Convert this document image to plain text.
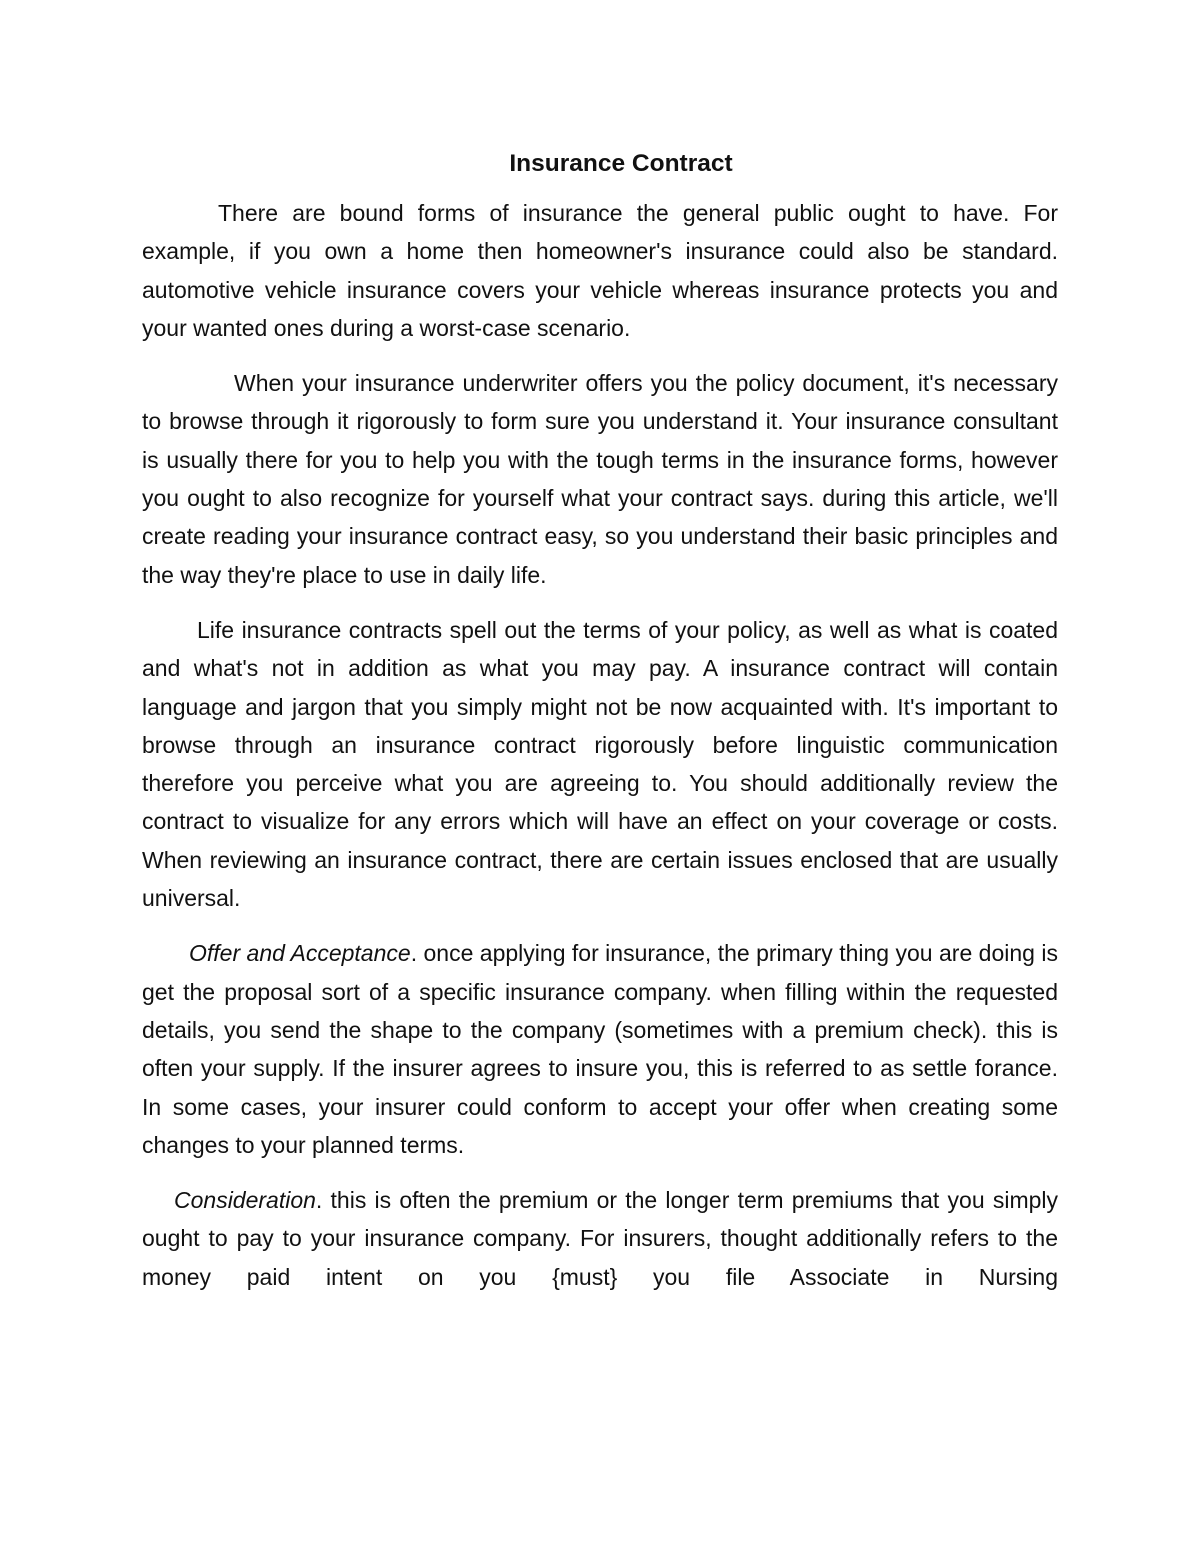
Insurance Contract

There are bound forms of insurance the general public ought to have. For example, if you own a home then homeowner's insurance could also be standard. automotive vehicle insurance covers your vehicle whereas insurance protects you and your wanted ones during a worst-case scenario.

When your insurance underwriter offers you the policy document, it's necessary to browse through it rigorously to form sure you understand it. Your insurance consultant is usually there for you to help you with the tough terms in the insurance forms, however you ought to also recognize for yourself what your contract says. during this article, we'll create reading your insurance contract easy, so you understand their basic principles and the way they're place to use in daily life.

Life insurance contracts spell out the terms of your policy, as well as what is coated and what's not in addition as what you may pay. A insurance contract will contain language and jargon that you simply might not be now acquainted with. It's important to browse through an insurance contract rigorously before linguistic communication therefore you perceive what you are agreeing to. You should additionally review the contract to visualize for any errors which will have an effect on your coverage or costs. When reviewing an insurance contract, there are certain issues enclosed that are usually universal.

Offer and Acceptance. once applying for insurance, the primary thing you are doing is get the proposal sort of a specific insurance company. when filling within the requested details, you send the shape to the company (sometimes with a premium check). this is often your supply. If the insurer agrees to insure you, this is referred to as settle forance. In some cases, your insurer could conform to accept your offer when creating some changes to your planned terms.

Consideration. this is often the premium or the longer term premiums that you simply ought to pay to your insurance company. For insurers, thought additionally refers to the money paid intent on you {must} you file Associate in Nursing
